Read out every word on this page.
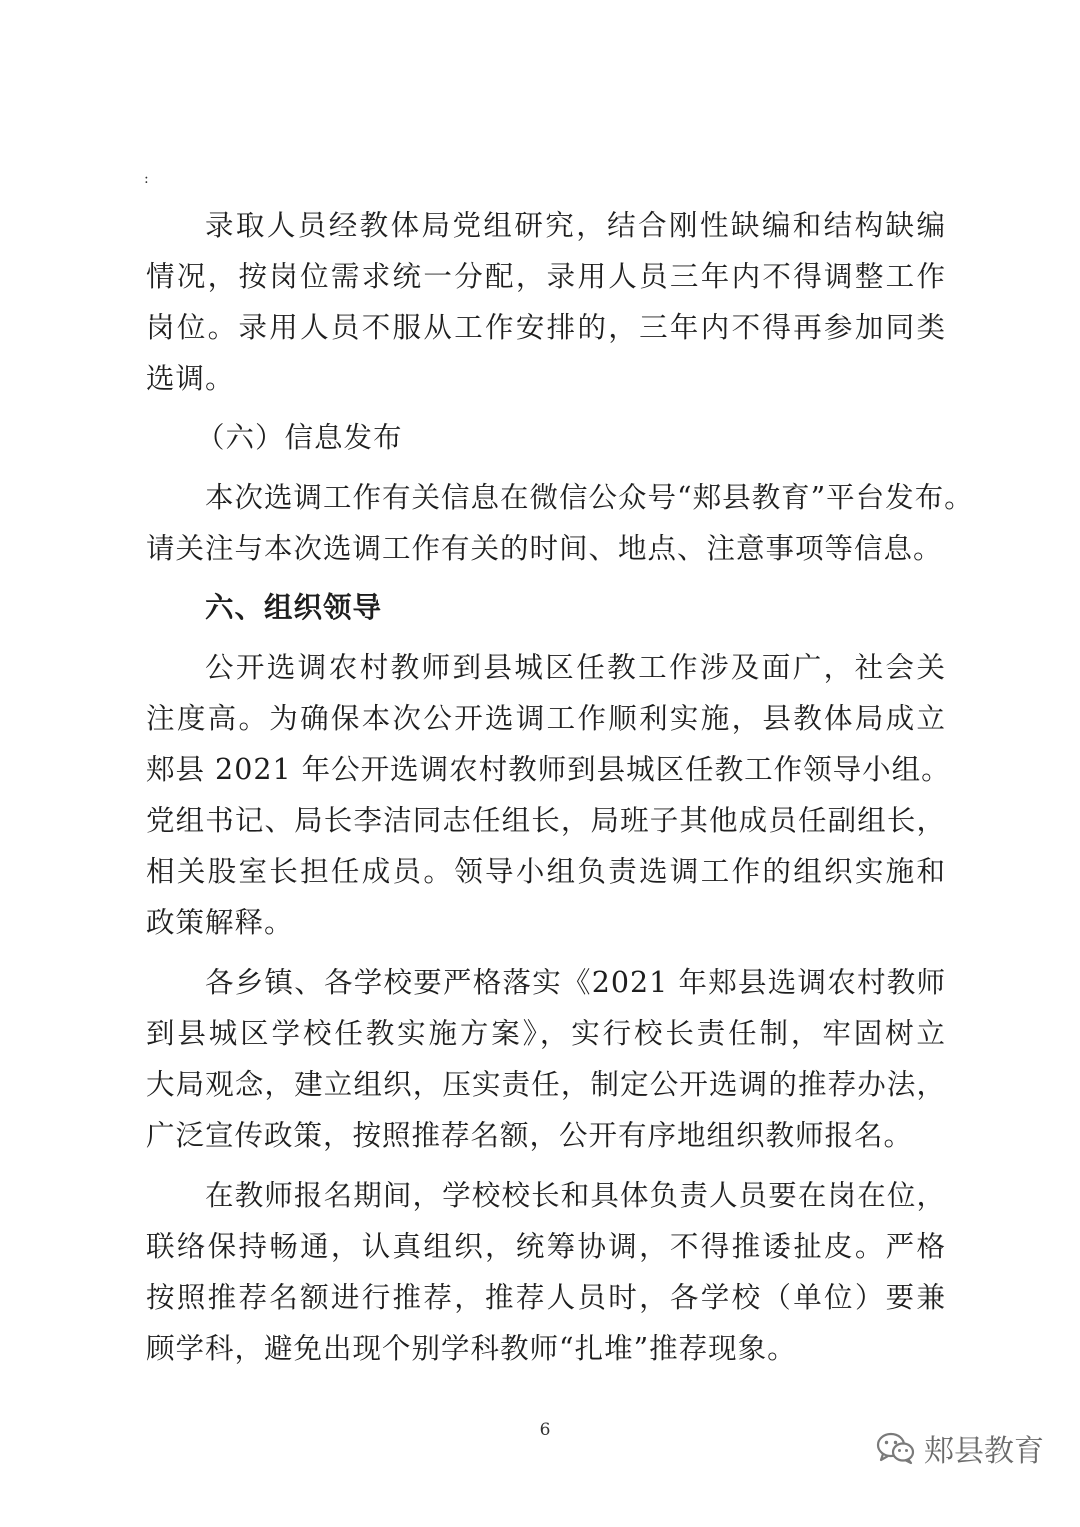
:
录取人员经教体局党组研究，结合刚性缺编和结构缺编
情况，按岗位需求统一分配，录用人员三年内不得调整工作
岗位。录用人员不服从工作安排的，三年内不得再参加同类
选调。
（六）信息发布
本次选调工作有关信息在微信公众号“郏县教育”平台发布。
请关注与本次选调工作有关的时间、地点、注意事项等信息。
六、组织领导
公开选调农村教师到县城区任教工作涉及面广，社会关
注度高。为确保本次公开选调工作顺利实施，县教体局成立
郏县 2021 年公开选调农村教师到县城区任教工作领导小组。
党组书记、局长李洁同志任组长，局班子其他成员任副组长，
相关股室长担任成员。领导小组负责选调工作的组织实施和
政策解释。
各乡镇、各学校要严格落实《2021 年郏县选调农村教师
到县城区学校任教实施方案》，实行校长责任制，牢固树立
大局观念，建立组织，压实责任，制定公开选调的推荐办法，
广泛宣传政策，按照推荐名额，公开有序地组织教师报名。
在教师报名期间，学校校长和具体负责人员要在岗在位，
联络保持畅通，认真组织，统筹协调，不得推诿扯皮。严格
按照推荐名额进行推荐，推荐人员时，各学校（单位）要兼
顾学科，避免出现个别学科教师“扎堆”推荐现象。
6
郏县教育
